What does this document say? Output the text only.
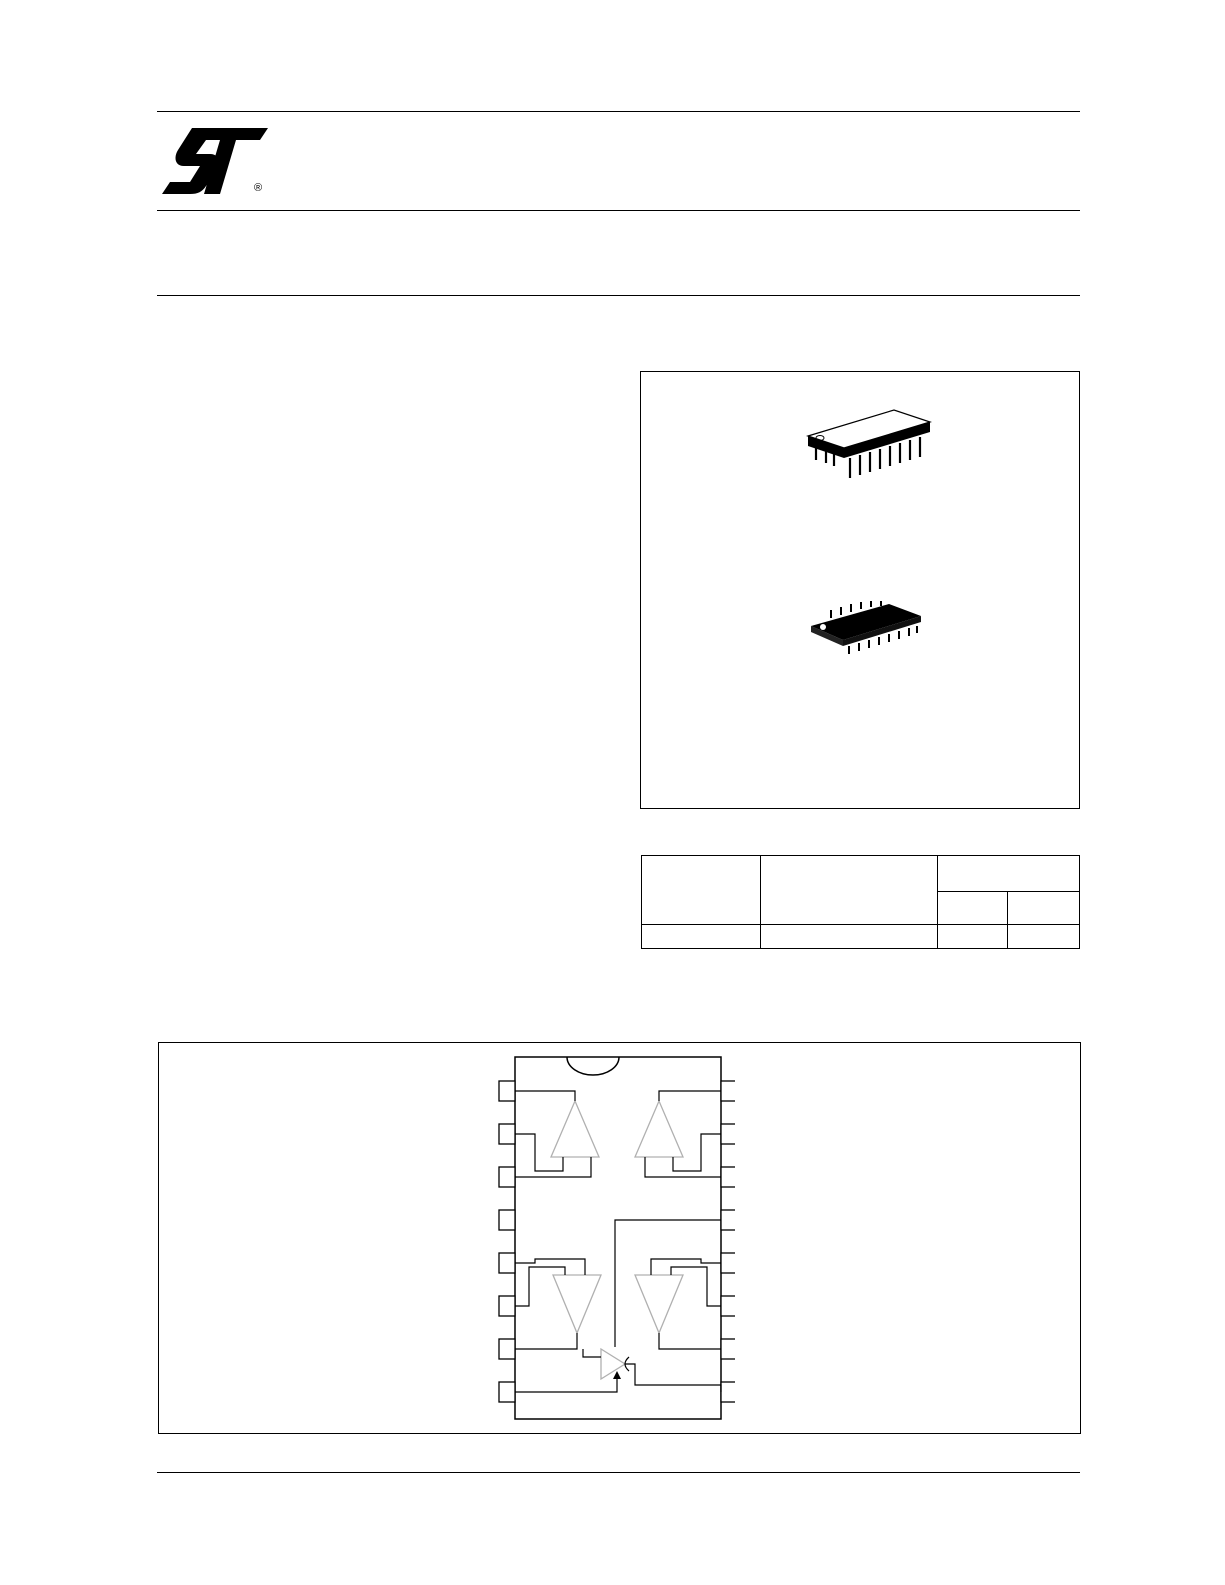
®
